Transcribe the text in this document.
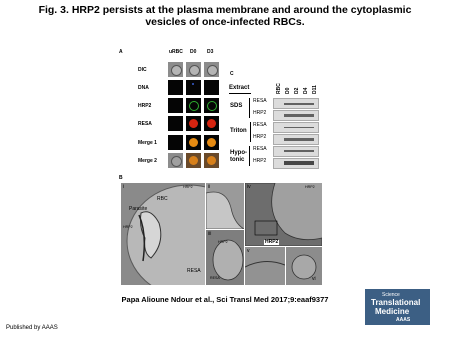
Fig. 3. HRP2 persists at the plasma membrane and around the cytoplasmic vesicles of once-infected RBCs.
A	uRBC D0 D3
DIC
DNA
HRP2
RESA
Merge 1
Merge 2
C
Extract	RBC D0 D2 D4 D11
SDS
RESA
HRP2
Triton
RESA
HRP2
Hypo-
tonic
RESA
HRP2
B
i
RBC
Parasite
HRP2
HRP2
RESA
ii
iii
HRP2
RESA
iv	HRP2
HRP2
v
vi
Papa Alioune Ndour et al., Sci Transl Med 2017;9:eaaf9377	Science
Translational
Medicine
AAAS
Published by AAAS
